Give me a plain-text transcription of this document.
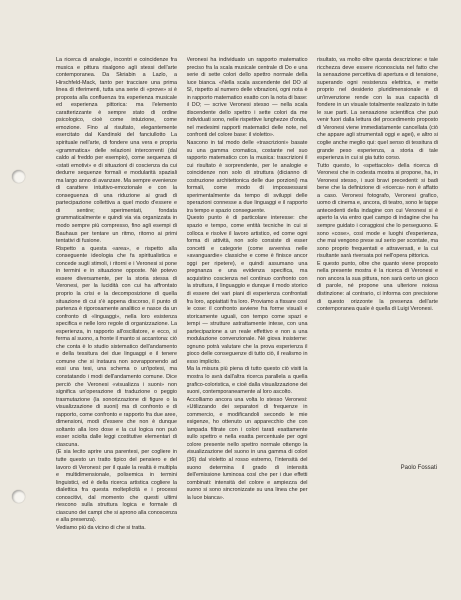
La ricerca di analogie, incontri e coincidenze fra musica e pittura risalgono agli stessi dell'arte contemporanea. Da Skriabin a Lazlo, a Hirschfeld-Mack, tanto per tracciare una prima linea di riferimenti, tutta una serie di «prove» si è proposta alla confluenza tra esperienza musicale ed esperienza pittorica: ma l'elemento caratterizzante è sempre stato di ordine psicologico, cioè come intuizione, come emozione. Fino al risultato, elegantemente esercitato dal Kandinski del fanciullotto La spirituale nell'arte, di fondere una vera e propria «grammatica» delle relazioni intercorrenti (dal caldo al freddo per esempio), come sequenza di «stati emotivi» e di situazioni di coscienza da cui dedurre sequenze formali e modularità spaziali ma largo anno di avanzare. Ma sempre evenienze di carattere intuitivo-emozionale e con la conseguenza di una riduzione ai gradi di partecipazione collettiva a quel modo d'essere e di sentire; sperimentati, fondata grammaticalmente e quindi via via organizzata in modo sempre più compresso, fino agli esempi di Bauhaus per tentare un ritmo, ritorno ai primi tentativi di fusione.

Rispetto a questa «area», e rispetto alla conseguente ideologia che fa spiritualistica e concede sugli stimoli, i ritorni e i Veronesi si pone in termini e in situazione opposte. Nè potevo essere diversamente, per la storia stessa di Veronesi, per la lucidità con cui ha affrontato proprio la crisi e la decomposizione di quella situazione di cui s'è appena discorso, il punto di partenza è rigorosamente analitico e nasce da un confronto di «linguaggi», nella loro esistenza specifica e nelle loro regole di organizzazione. La esperienza, in rapporto all'oscillatore, e ecco, si ferma al suono, a fronte il manto si accantona: ciò che conta è lo studio sistematico dell'andamento e della tessitura dei due linguaggi e il tenere comune che si instaura non sovrapponendo ad essi una tesi, una schema o un'ipotesi, ma constatando i modi dell'andamento comune. Dice perciò che Veronesi «visualizza i suoni» non significa un'operazione di traduzione o peggio trasmutazione (la sonorizzazione di figure o la visualizzazione di suoni) ma di confronto e di rapporto, come confronto e rapporto fra due aree, dimensioni, modi d'essere che non è dunque soltanto alla loro dose e la cui logica non può esser sciolta dalle leggi costitutive elementari di ciascuna.

(E sia lecito aprire una parentesi, per cogliere in tutte questo un tratto tipico del pensiero e del lavoro di Veronesi: per il quale la realtà è multipla e multidimensionale, polisemica in termini linguistici, ed è della ricerca artistica cogliere la dialettica fra questa molteplicità e i processi conoscitivi, dal momento che questi ultimi riescono sulla struttura logica e formale di ciascuno dei campi che si aprono alla conoscenza e alla presenza).

Vediamo più da vicino di che si tratta.

Veronesi ha individuato un rapporto matematico preciso fra la scala musicale centrale di Do e una serie di sette colori dello spettro normale della luce bianca. «Nella scala ascendente del DO al SI, rispetto al numero delle vibrazioni, ogni nota è in rapporto matematico esatto con la nota di base: il DO; — scrive Veronesi stesso — nella scala discendente dello spettro i sette colori da me individuati sono, nelle rispettive lunghezze d'onda, nel medesimi rapporti matematici delle note, nel confronti del colore base: il violetto».

Nascono in tal modo delle «trascrizioni» basate su una gamma cromatica, costante nel suo rapporto matematico con la musica: trascrizioni il cui risultato è sorprendente, per le analogie e coincidenze non solo di struttura (dicianno di costruzione architettonica delle due porzioni) ma formali, come modo di impossessarsi sperimentalmente da tempo di sviluppi delle operazioni connesse a due linguaggi e il rapporto tra tempo e spazio conseguente.

Questo punto è di particolare interesse: che spazio e tempo, come entità tecniche in cui si colloca e risolve il lavoro artistico, ed come ogni forma di attività, non solo consiste di esser concetti e categorie (come avveniva nelle «avanguardie» classiche e come è finisce ancor oggi per ripetere), e quindi assumano una pregnanza e una evidenza specifica, ma acquistino coscienza nel continuo confronto con la struttura, il linguaggio e dunque il modo storico di essere dei vari piani di esperienza confrontati fra loro, appiattati fra loro. Proviamo a fissare così le cose: il confronto avviene fra forme visuali e storicamente uguali, con tempo come spazi e tempi — strutture astrattamente intese, con una partecipazione a un reale effettivo e non a una modulazione convenzionale. Né giova insisterne: ognuno potrà valutare che la prova esperienza il gioco delle conseguenze di tutto ciò, il realismo in esso implicito.

Ma la misura più piena di tutto questo ciò visiti la mostra lo avrà dall'altra ricerca parallela a quella grafico-coloristica, e cioè dalla visualizzazione dei suoni, contemporaneamente al loro ascolto.

Accolliamo ancora una volta lo stesso Veronesi: «Utilizzando dei separatori di frequenze in commercio, e modificandoli secondo le mie esigenze, ho ottenuto un apparecchio che con lampada filtrate con i colori tarati esattamente sullo spettro e nella esatta percentuale per ogni colore presente nello spettro normale ottengo la visualizzazione del suono in una gamma di colori (36) dal violetto al rosso estremo, l'intensità del suono determina il grado di intensità dell'emissione luminosa così che per i due effetti combinati: intensità del colore e ampiezza del suono si sono sincronizzate su una linea che per la luce bianca».

risultato, va molto oltre questa descrizione: e tale ricchezza deve essere riconosciuta nel fatto che la sensazione percettiva di apertura e di tensione, superando ogni resistenza elettrica, e mette proprio nel desiderio pluridimensionale e di un'invenzione rende con la sua capacità di fondere in un visuale totalmente realizzato in tutte le sue parti. La sensazione scientifica che può venir fuori dalla lettura del procedimento proposto di Veronesi viene immediatamente cancellata (ciò che appare agli strumentali oggi e agei), e altro si coglie anche meglio qui: quel senso di tessitura di grande peso esperienza, a storia di tale esperienza in cui si gia tutto corso.

Tutto questo, lo «spettacolo» della ricerca di Veronesi che in codesta mostra si propone, ha, in Veronesi stesso, i suoi bravi precedenti: si badi bene che la definizione di «ricerca» non è affatto a caso. Veronesi fotografo, Veronesi grafico, uomo di cinema e, ancora, di teatro, sono le tappe antecedenti della indagine con cui Veronesi si è aperto la via entro quel campo di indagine che ha sempre guidato i coraggiosi che lo perseguono. E sono «cose», così mode e luoghi d'esperienza, che mai vengono prese sul serio per scontate, ma sono proprio frequentati e attraversati, e la cui risultante sarà riversata poi nell'opera pittorica.

E questo punto, oltre che quanto viene proposto nella presente mostra è la ricerca di Veronesi e non ancora la sua pittura, non sarà certo un gioco di parole, né propone una ulteriore noiosa distinzione: al contrario, ci informa con precisione di questo orizzonte la presenza dell'arte contemporanea quale è quella di Luigi Veronesi.

Paolo Fossati
